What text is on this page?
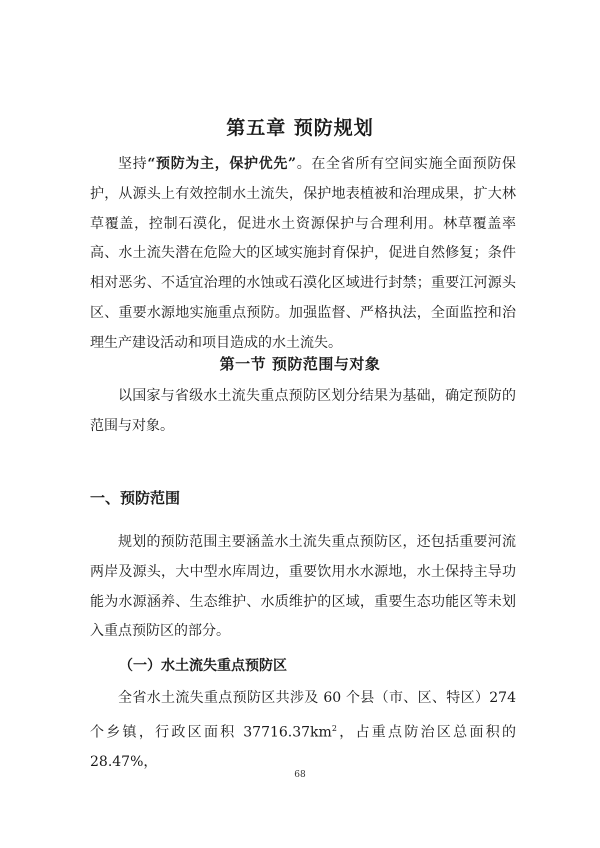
第五章 预防规划

坚持“预防为主，保护优先”。在全省所有空间实施全面预防保护，从源头上有效控制水土流失，保护地表植被和治理成果，扩大林草覆盖，控制石漠化，促进水土资源保护与合理利用。林草覆盖率高、水土流失潜在危险大的区域实施封育保护，促进自然修复；条件相对恶劣、不适宜治理的水蚀或石漠化区域进行封禁；重要江河源头区、重要水源地实施重点预防。加强监督、严格执法，全面监控和治理生产建设活动和项目造成的水土流失。

第一节 预防范围与对象

以国家与省级水土流失重点预防区划分结果为基础，确定预防的范围与对象。

一、预防范围

规划的预防范围主要涵盖水土流失重点预防区，还包括重要河流两岸及源头，大中型水库周边，重要饮用水水源地，水土保持主导功能为水源涵养、生态维护、水质维护的区域，重要生态功能区等未划入重点预防区的部分。

（一）水土流失重点预防区

全省水土流失重点预防区共涉及 60 个县（市、区、特区）274 个乡镇，行政区面积 $37716.37km^2$，占重点防治区总面积的 28.47%，

68
